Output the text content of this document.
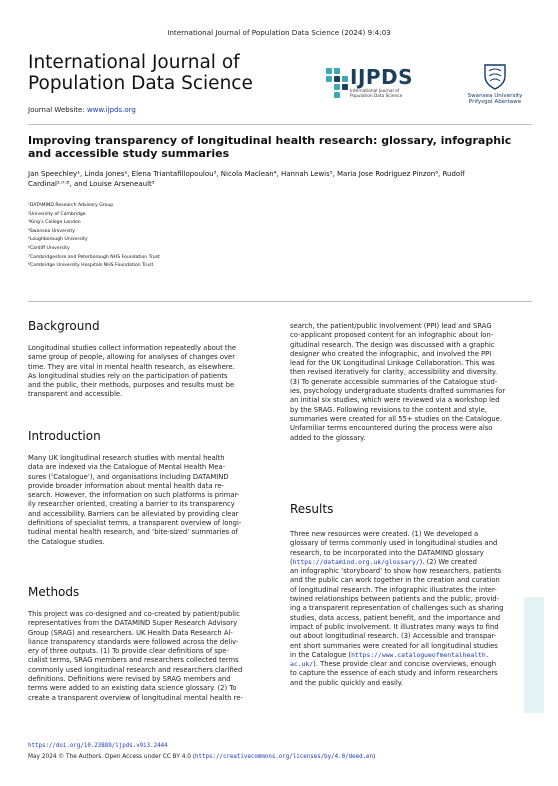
International Journal of Population Data Science (2024) 9:4:03
International Journal of
Population Data Science
Journal Website: www.ijpds.org
IJPDS
International Journal of
Population Data Science	Swansea University
Prifysgol Abertawe
Improving transparency of longitudinal health research: glossary, infographic
and accessible study summaries
Jan Speechley¹, Linda Jones², Elena Triantafillopoulou³, Nicola Maclean⁴, Hannah Lewis⁵, Maria Jose Rodriguez Pinzon⁶, Rudolf
Cardinal²ʴ⁷ʴ⁸, and Louise Arseneault³
¹DATAMIND Research Advisory Group
²University of Cambridge
³King’s College London
⁴Swansea University
⁵Loughborough University
⁶Cardiff University
⁷Cambridgeshire and Peterborough NHS Foundation Trust
⁸Cambridge University Hospitals NHS Foundation Trust
Background
Longitudinal studies collect information repeatedly about the
same group of people, allowing for analyses of changes over
time. They are vital in mental health research, as elsewhere.
As longitudinal studies rely on the participation of patients
and the public, their methods, purposes and results must be
transparent and accessible.
Introduction
Many UK longitudinal research studies with mental health
data are indexed via the Catalogue of Mental Health Mea-
sures (‘Catalogue’), and organisations including DATAMIND
provide broader information about mental health data re-
search. However, the information on such platforms is primar-
ily researcher oriented, creating a barrier to its transparency
and accessibility. Barriers can be alleviated by providing clear
definitions of specialist terms, a transparent overview of longi-
tudinal mental health research, and ‘bite-sized’ summaries of
the Catalogue studies.
Methods
This project was co-designed and co-created by patient/public
representatives from the DATAMIND Super Research Advisory
Group (SRAG) and researchers. UK Health Data Research Al-
liance transparency standards were followed across the deliv-
ery of three outputs. (1) To provide clear definitions of spe-
cialist terms, SRAG members and researchers collected terms
commonly used longitudinal research and researchers clarified
definitions. Definitions were revised by SRAG members and
terms were added to an existing data science glossary. (2) To
create a transparent overview of longitudinal mental health re-
search, the patient/public involvement (PPI) lead and SRAG
co-applicant proposed content for an infographic about lon-
gitudinal research. The design was discussed with a graphic
designer who created the infographic, and involved the PPI
lead for the UK Longitudinal Linkage Collaboration. This was
then revised iteratively for clarity, accessibility and diversity.
(3) To generate accessible summaries of the Catalogue stud-
ies, psychology undergraduate students drafted summaries for
an initial six studies, which were reviewed via a workshop led
by the SRAG. Following revisions to the content and style,
summaries were created for all 55+ studies on the Catalogue.
Unfamiliar terms encountered during the process were also
added to the glossary.
Results
Three new resources were created. (1) We developed a
glossary of terms commonly used in longitudinal studies and
research, to be incorporated into the DATAMIND glossary
(https://datamind.org.uk/glossary/). (2) We created
an infographic ‘storyboard’ to show how researchers, patients
and the public can work together in the creation and curation
of longitudinal research. The infographic illustrates the inter-
twined relationships between patients and the public, provid-
ing a transparent representation of challenges such as sharing
studies, data access, patient benefit, and the importance and
impact of public involvement. It illustrates many ways to find
out about longitudinal research. (3) Accessible and transpar-
ent short summaries were created for all longitudinal studies
in the Catalogue (https://www.catalogueofmentalhealth.
ac.uk/). These provide clear and concise overviews, enough
to capture the essence of each study and inform researchers
and the public quickly and easily.
https://doi.org/10.23889/ijpds.v9i3.2444
May 2024 © The Authors. Open Access under CC BY 4.0 (https://creativecommons.org/licenses/by/4.0/deed.en)
